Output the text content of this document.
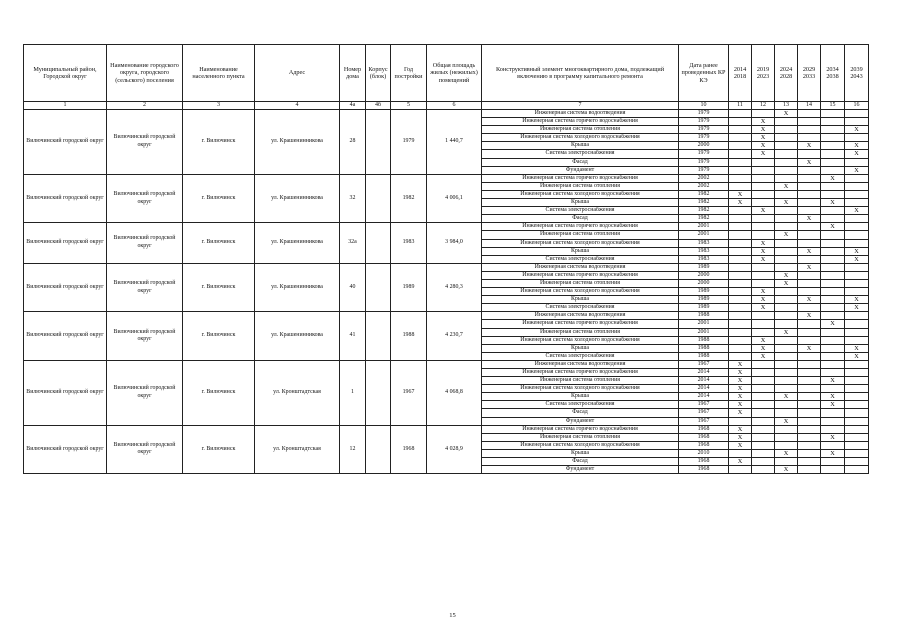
Муниципальный район, Городской округ	Наименование городского округа, городского (сельского) поселения	Наименование населенного пункта	Адрес	Номер дома	Корпус (блок)	Год постройки	Общая площадь жилых (нежилых) помещений	Конструктивный элемент многоквартирного дома, подлежащий включению в программу капитального ремонта	Дата ранее проведенных КР КЭ	2014 2018	2019 2023	2024 2028	2029 2033	2034 2038	2039 2043
1	2	3	4	4а	4б	5	6	7	10	11	12	13	14	15	16
Вилючинский городской округ	Вилючинский городской округ	г. Вилючинск	ул. Крашенинникова	28		1979	1 440,7	Инженерная система водоотведения	1979			X			
								Инженерная система горячего водоснабжения	1979		X				
								Инженерная система отопления	1979		X				X
								Инженерная система холодного водоснабжения	1979		X				
								Крыша	2000		X		X		X
								Система электроснабжения	1979		X				X
								Фасад	1979				X		
								Фундамент	1979						X
Вилючинский городской округ	Вилючинский городской округ	г. Вилючинск	ул. Крашенинникова	32		1982	4 006,1	Инженерная система горячего водоснабжения	2002					X	
								Инженерная система отопления	2002			X			
								Инженерная система холодного водоснабжения	1982	X					
								Крыша	1982	X		X		X	
								Система электроснабжения	1982		X				X
								Фасад	1982				X		
Вилючинский городской округ	Вилючинский городской округ	г. Вилючинск	ул. Крашенинникова	32а		1983	3 984,0	Инженерная система горячего водоснабжения	2001					X	
								Инженерная система отопления	2001			X			
								Инженерная система холодного водоснабжения	1983		X				
								Крыша	1983		X		X		X
								Система электроснабжения	1983		X				X
Вилючинский городской округ	Вилючинский городской округ	г. Вилючинск	ул. Крашенинникова	40		1989	4 280,3	Инженерная система водоотведения	1989				X		
								Инженерная система горячего водоснабжения	2000			X			
								Инженерная система отопления	2000			X			
								Инженерная система холодного водоснабжения	1989		X				
								Крыша	1989		X		X		X
								Система электроснабжения	1989		X				X
Вилючинский городской округ	Вилючинский городской округ	г. Вилючинск	ул. Крашенинникова	41		1988	4 230,7	Инженерная система водоотведения	1988				X		
								Инженерная система горячего водоснабжения	2001					X	
								Инженерная система отопления	2001			X			
								Инженерная система холодного водоснабжения	1988		X				
								Крыша	1988		X		X		X
								Система электроснабжения	1988		X				X
Вилючинский городской округ	Вилючинский городской округ	г. Вилючинск	ул. Кронштадтская	1		1967	4 068,8	Инженерная система водоотведения	1967	X					
								Инженерная система горячего водоснабжения	2014	X					
								Инженерная система отопления	2014	X				X	
								Инженерная система холодного водоснабжения	2014	X					
								Крыша	2014	X		X		X	
								Система электроснабжения	1967	X				X	
								Фасад	1967	X					
								Фундамент	1967			X			
Вилючинский городской округ	Вилючинский городской округ	г. Вилючинск	ул. Кронштадтская	12		1968	4 028,9	Инженерная система горячего водоснабжения	1968	X					
								Инженерная система отопления	1968	X				X	
								Инженерная система холодного водоснабжения	1968	X					
								Крыша	2010			X		X	
								Фасад	1968	X					
								Фундамент	1968			X			
15
